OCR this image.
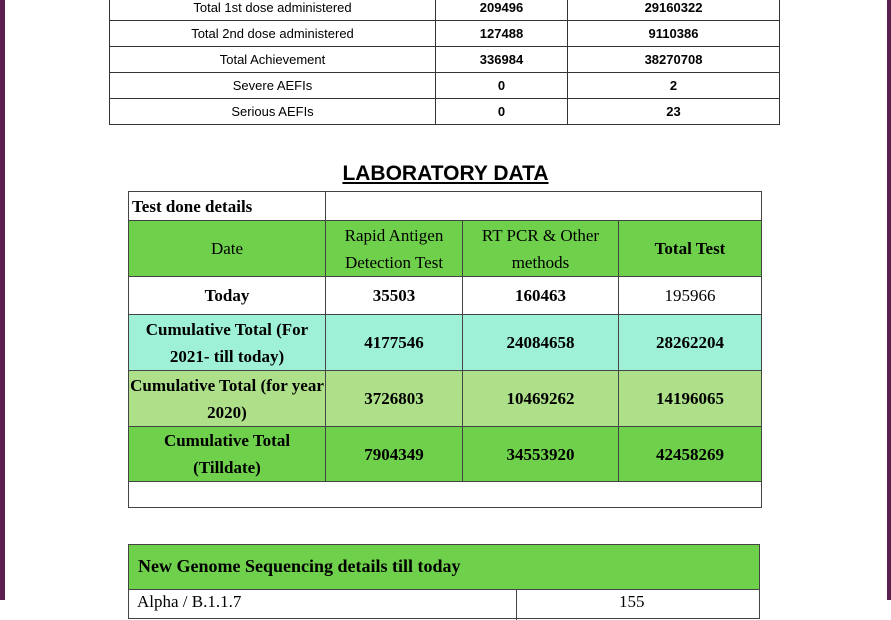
Total 1st dose administered	209496	29160322
Total 2nd dose administered	127488	9110386
Total Achievement	336984	38270708
Severe AEFIs	0	2
Serious AEFIs	0	23
LABORATORY DATA
Test done details			
Date	Rapid Antigen Detection Test	RT PCR & Other methods	Total Test
Today	35503	160463	195966
Cumulative Total (For 2021- till today)	4177546	24084658	28262204
Cumulative Total (for year 2020)	3726803	10469262	14196065
Cumulative Total (Tilldate)	7904349	34553920	42458269

New Genome Sequencing details till today
Alpha / B.1.1.7	155
